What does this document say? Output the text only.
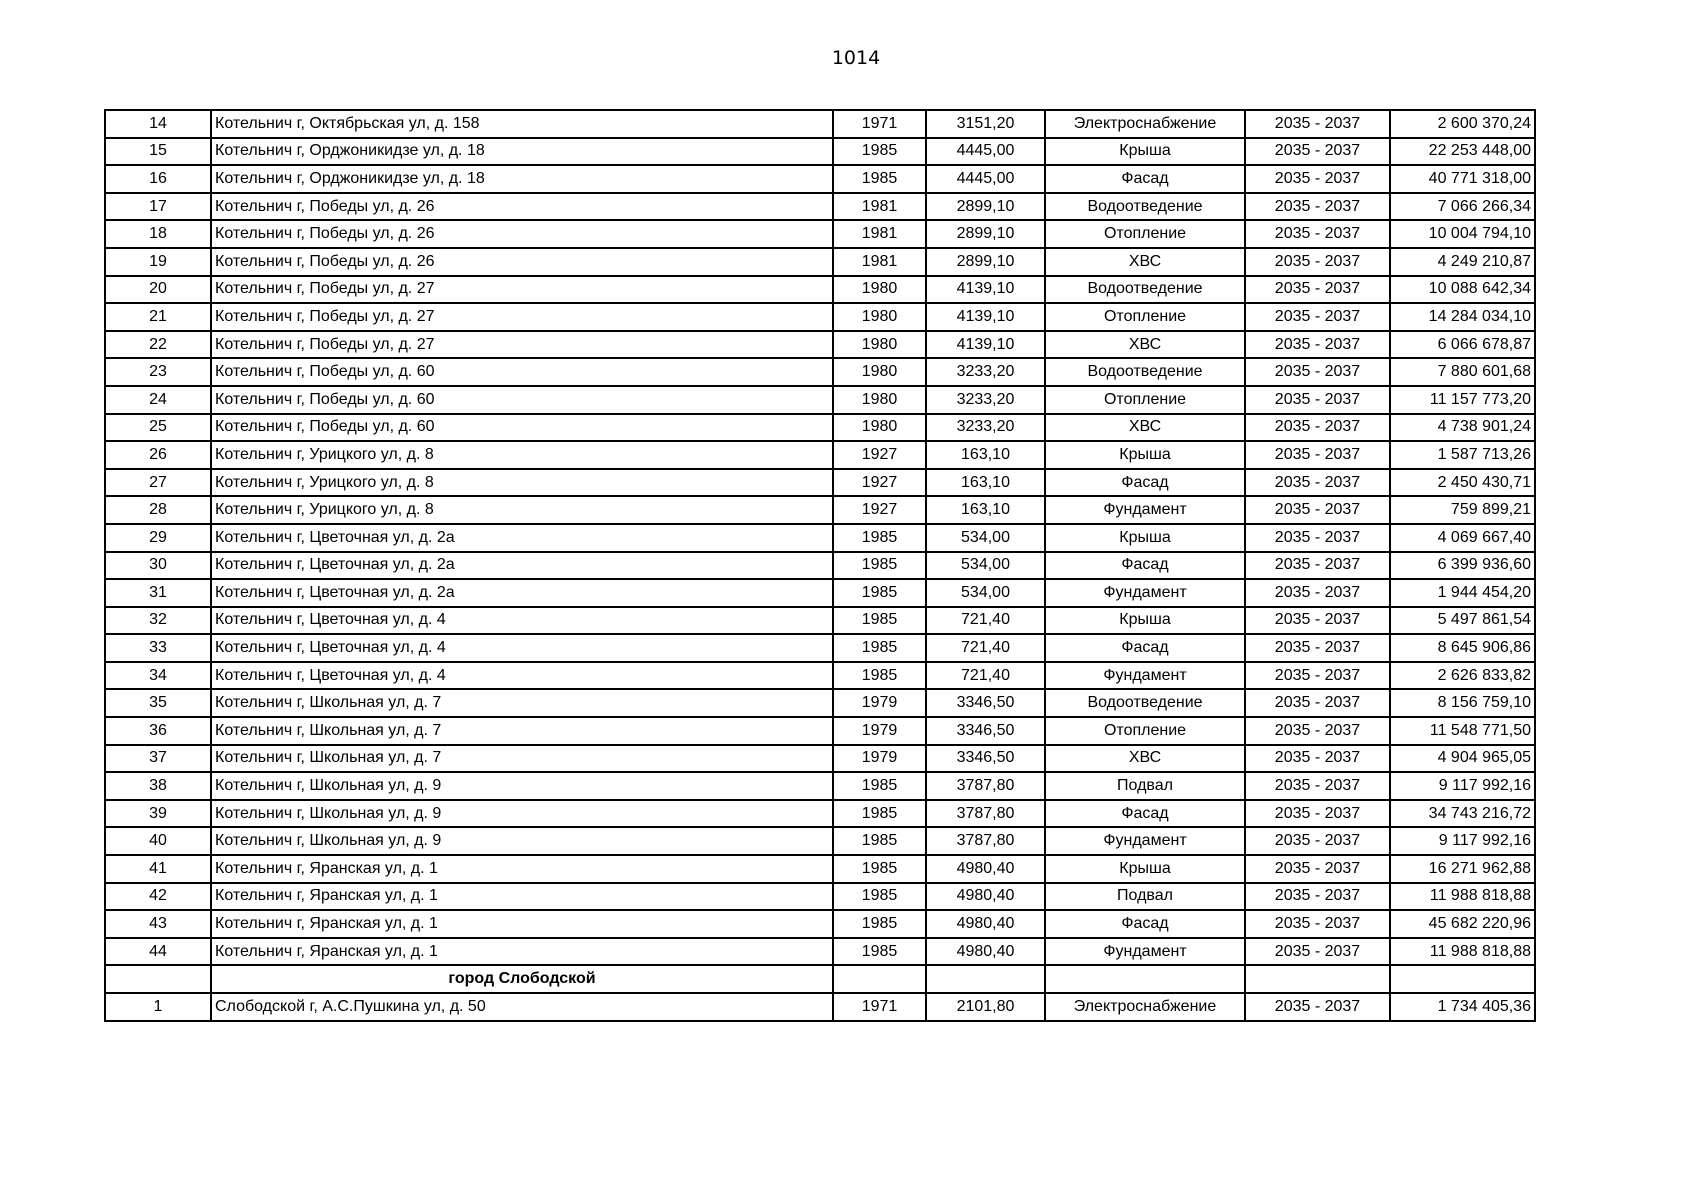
1014
14	Котельнич г, Октябрьская ул, д. 158	1971	3151,20	Электроснабжение	2035 - 2037	2 600 370,24
15	Котельнич г, Орджоникидзе ул, д. 18	1985	4445,00	Крыша	2035 - 2037	22 253 448,00
16	Котельнич г, Орджоникидзе ул, д. 18	1985	4445,00	Фасад	2035 - 2037	40 771 318,00
17	Котельнич г, Победы ул, д. 26	1981	2899,10	Водоотведение	2035 - 2037	7 066 266,34
18	Котельнич г, Победы ул, д. 26	1981	2899,10	Отопление	2035 - 2037	10 004 794,10
19	Котельнич г, Победы ул, д. 26	1981	2899,10	ХВС	2035 - 2037	4 249 210,87
20	Котельнич г, Победы ул, д. 27	1980	4139,10	Водоотведение	2035 - 2037	10 088 642,34
21	Котельнич г, Победы ул, д. 27	1980	4139,10	Отопление	2035 - 2037	14 284 034,10
22	Котельнич г, Победы ул, д. 27	1980	4139,10	ХВС	2035 - 2037	6 066 678,87
23	Котельнич г, Победы ул, д. 60	1980	3233,20	Водоотведение	2035 - 2037	7 880 601,68
24	Котельнич г, Победы ул, д. 60	1980	3233,20	Отопление	2035 - 2037	11 157 773,20
25	Котельнич г, Победы ул, д. 60	1980	3233,20	ХВС	2035 - 2037	4 738 901,24
26	Котельнич г, Урицкого ул, д. 8	1927	163,10	Крыша	2035 - 2037	1 587 713,26
27	Котельнич г, Урицкого ул, д. 8	1927	163,10	Фасад	2035 - 2037	2 450 430,71
28	Котельнич г, Урицкого ул, д. 8	1927	163,10	Фундамент	2035 - 2037	759 899,21
29	Котельнич г, Цветочная ул, д. 2а	1985	534,00	Крыша	2035 - 2037	4 069 667,40
30	Котельнич г, Цветочная ул, д. 2а	1985	534,00	Фасад	2035 - 2037	6 399 936,60
31	Котельнич г, Цветочная ул, д. 2а	1985	534,00	Фундамент	2035 - 2037	1 944 454,20
32	Котельнич г, Цветочная ул, д. 4	1985	721,40	Крыша	2035 - 2037	5 497 861,54
33	Котельнич г, Цветочная ул, д. 4	1985	721,40	Фасад	2035 - 2037	8 645 906,86
34	Котельнич г, Цветочная ул, д. 4	1985	721,40	Фундамент	2035 - 2037	2 626 833,82
35	Котельнич г, Школьная ул, д. 7	1979	3346,50	Водоотведение	2035 - 2037	8 156 759,10
36	Котельнич г, Школьная ул, д. 7	1979	3346,50	Отопление	2035 - 2037	11 548 771,50
37	Котельнич г, Школьная ул, д. 7	1979	3346,50	ХВС	2035 - 2037	4 904 965,05
38	Котельнич г, Школьная ул, д. 9	1985	3787,80	Подвал	2035 - 2037	9 117 992,16
39	Котельнич г, Школьная ул, д. 9	1985	3787,80	Фасад	2035 - 2037	34 743 216,72
40	Котельнич г, Школьная ул, д. 9	1985	3787,80	Фундамент	2035 - 2037	9 117 992,16
41	Котельнич г, Яранская ул, д. 1	1985	4980,40	Крыша	2035 - 2037	16 271 962,88
42	Котельнич г, Яранская ул, д. 1	1985	4980,40	Подвал	2035 - 2037	11 988 818,88
43	Котельнич г, Яранская ул, д. 1	1985	4980,40	Фасад	2035 - 2037	45 682 220,96
44	Котельнич г, Яранская ул, д. 1	1985	4980,40	Фундамент	2035 - 2037	11 988 818,88
	город Слободской					
1	Слободской г, А.С.Пушкина ул, д. 50	1971	2101,80	Электроснабжение	2035 - 2037	1 734 405,36
